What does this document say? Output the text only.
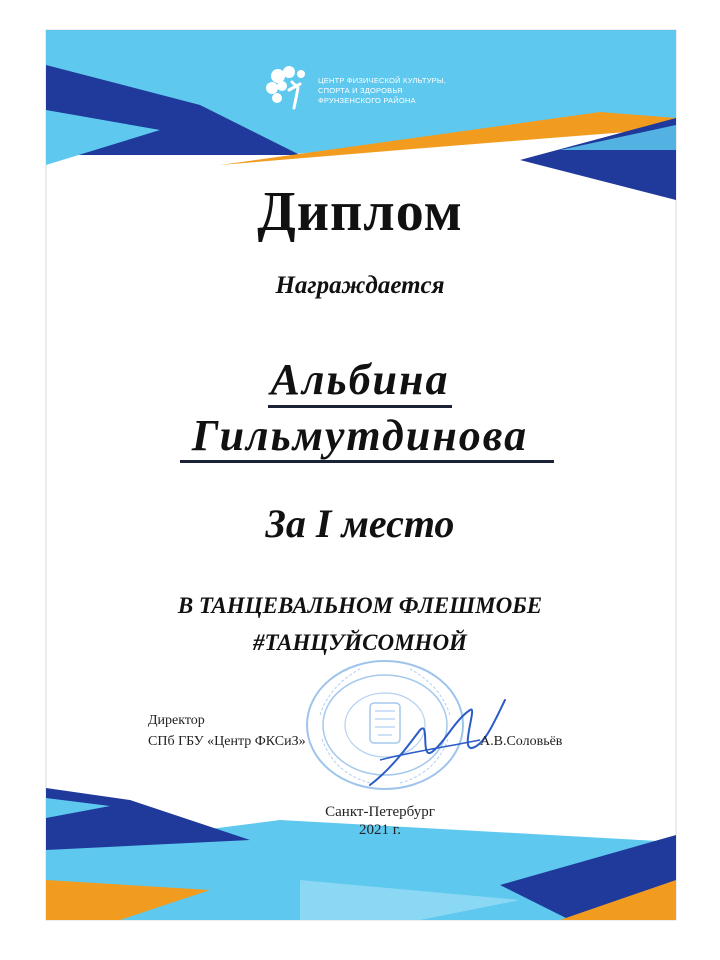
ЦЕНТР ФИЗИЧЕСКОЙ КУЛЬТУРЫ,
СПОРТА И ЗДОРОВЬЯ
ФРУНЗЕНСКОГО РАЙОНА
Диплом
Награждается
Альбина
Гильмутдинова
За I место
В ТАНЦЕВАЛЬНОМ ФЛЕШМОБЕ
#ТАНЦУЙСОМНОЙ
Директор
СПб ГБУ «Центр ФКСиЗ»	А.В.Соловьёв
Санкт-Петербург
2021 г.
